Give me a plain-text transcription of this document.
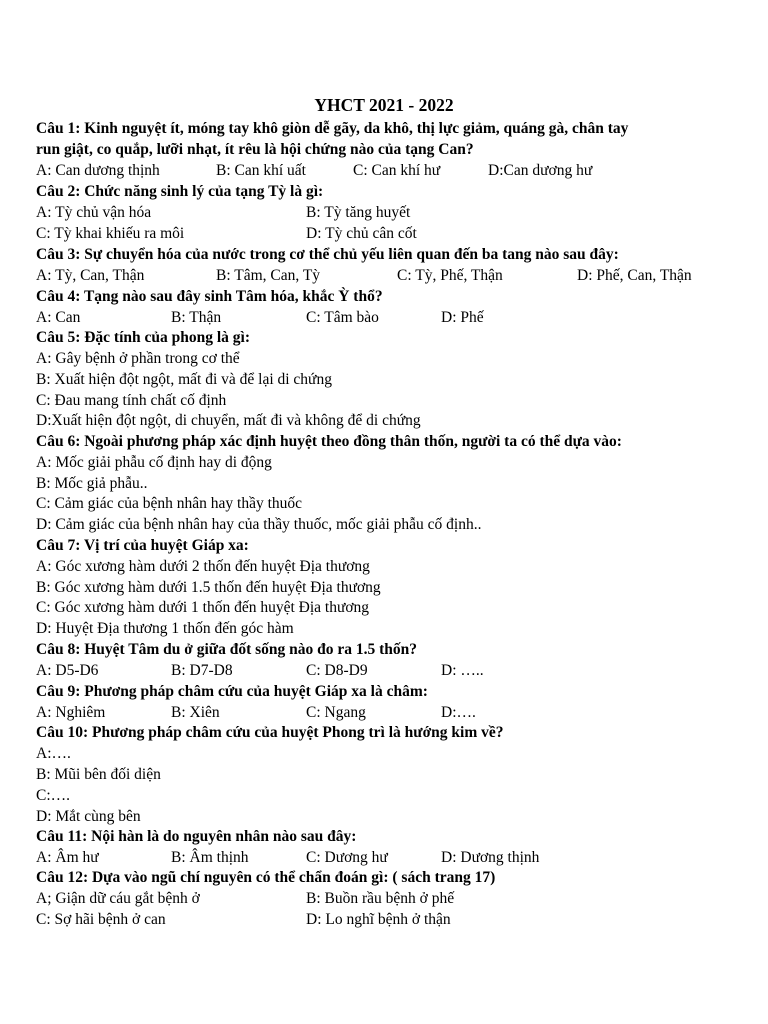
YHCT 2021 - 2022
Câu 1: Kinh nguyệt ít, móng tay khô giòn dễ gãy, da khô, thị lực giảm, quáng gà, chân tay
run giật, co quắp, lưỡi nhạt, ít rêu là hội chứng nào của tạng Can?
A: Can dương thịnh	B: Can khí uất	C: Can khí hư	D:Can dương hư
Câu 2: Chức năng sinh lý của tạng Tỳ là gì:
A: Tỳ chủ vận hóa	B: Tỳ tăng huyết
C: Tỳ khai khiếu ra môi	D: Tỳ chủ cân cốt
Câu 3: Sự chuyển hóa của nước trong cơ thể chủ yếu liên quan đến ba tang nào sau đây:
A: Tỳ, Can, Thận	B: Tâm, Can, Tỳ	C: Tỳ, Phế, Thận	D: Phế, Can, Thận
Câu 4: Tạng nào sau đây sinh Tâm hóa, khắc Ỳ thổ?
A: Can	B: Thận	C: Tâm bào	D: Phế
Câu 5: Đặc tính của phong là gì:
A: Gây bệnh ở phần trong cơ thể
B: Xuất hiện đột ngột, mất đi và để lại di chứng
C: Đau mang tính chất cố định
D:Xuất hiện đột ngột, di chuyển, mất đi và không để di chứng
Câu 6: Ngoài phương pháp xác định huyệt theo đồng thân thốn, người ta có thể dựa vào:
A: Mốc giải phẫu cố định hay di động
B: Mốc giả phẫu..
C: Cảm giác của bệnh nhân hay thầy thuốc
D: Cảm giác của bệnh nhân hay của thầy thuốc, mốc giải phẫu cố định..
Câu 7: Vị trí của huyệt Giáp xa:
A: Góc xương hàm dưới 2 thốn đến huyệt Địa thương
B: Góc xương hàm dưới 1.5 thốn đến huyệt Địa thương
C: Góc xương hàm dưới 1 thốn đến huyệt Địa thương
D: Huyệt Địa thương 1 thốn đến góc hàm
Câu 8: Huyệt Tâm du ở giữa đốt sống nào đo ra 1.5 thốn?
A: D5-D6	B: D7-D8	C: D8-D9	D: …..
Câu 9: Phương pháp châm cứu của huyệt Giáp xa là châm:
A: Nghiêm	B: Xiên	C: Ngang	D:….
Câu 10: Phương pháp châm cứu của huyệt Phong trì là hướng kim về?
A:….
B: Mũi bên đối diện
C:….
D: Mắt cùng bên
Câu 11: Nội hàn là do nguyên nhân nào sau đây:
A: Âm hư	B: Âm thịnh	C: Dương hư	D: Dương thịnh
Câu 12: Dựa vào ngũ chí nguyên có thể chẩn đoán gì: ( sách trang 17)
A; Giận dữ cáu gắt bệnh ở	B: Buồn rầu bệnh ở phế
C: Sợ hãi bệnh ở can	D: Lo nghĩ bệnh ở thận
